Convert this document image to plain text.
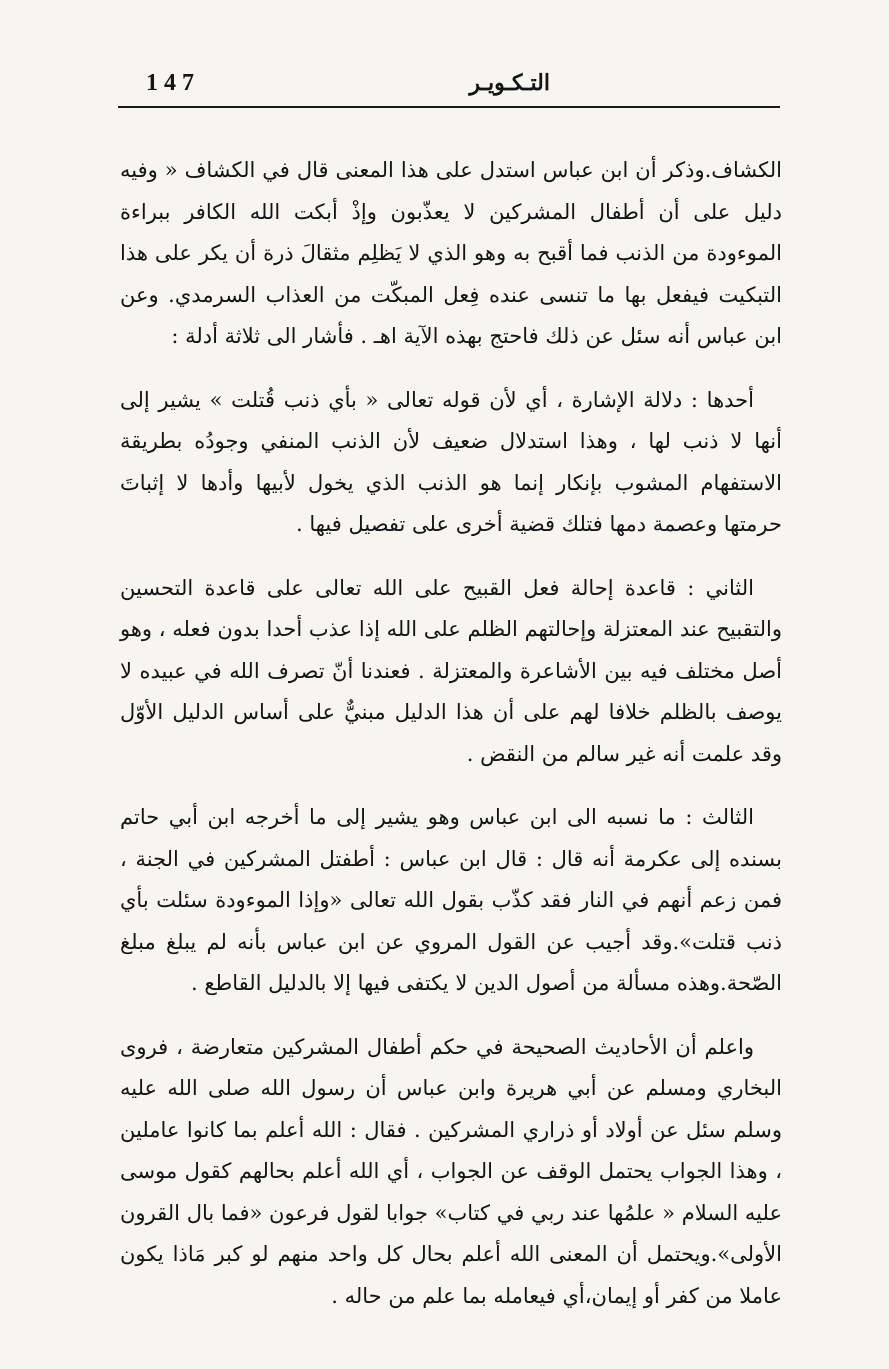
147	التـكـويـر

الكشاف.وذكر أن ابن عباس استدل على هذا المعنى قال في الكشاف « وفيه دليل على أن أطفال المشركين لا يعذّبون وإذْ أبكت الله الكافر ببراءة الموءودة من الذنب فما أقبح به وهو الذي لا يَظلِم مثقالَ ذرة أن يكر على هذا التبكيت فيفعل بها ما تنسى عنده فِعل المبكّت من العذاب السرمدي. وعن ابن عباس أنه سئل عن ذلك فاحتج بهذه الآية اهـ . فأشار الى ثلاثة أدلة :

أحدها : دلالة الإشارة ، أي لأن قوله تعالى « بأي ذنب قُتلت » يشير إلى أنها لا ذنب لها ، وهذا استدلال ضعيف لأن الذنب المنفي وجودُه بطريقة الاستفهام المشوب بإنكار إنما هو الذنب الذي يخول لأبيها وأدها لا إثباتَ حرمتها وعصمة دمها فتلك قضية أخرى على تفصيل فيها .

الثاني : قاعدة إحالة فعل القبيح على الله تعالى على قاعدة التحسين والتقبيح عند المعتزلة وإحالتهم الظلم على الله إذا عذب أحدا بدون فعله ، وهو أصل مختلف فيه بين الأشاعرة والمعتزلة . فعندنا أنّ تصرف الله في عبيده لا يوصف بالظلم خلافا لهم على أن هذا الدليل مبنيٌّ على أساس الدليل الأوّل وقد علمت أنه غير سالم من النقض .

الثالث : ما نسبه الى ابن عباس وهو يشير إلى ما أخرجه ابن أبي حاتم بسنده إلى عكرمة أنه قال : قال ابن عباس : أطفتل المشركين في الجنة ، فمن زعم أنهم في النار فقد كذّب بقول الله تعالى «وإذا الموءودة سئلت بأي ذنب قتلت».وقد أجيب عن القول المروي عن ابن عباس بأنه لم يبلغ مبلغ الصّحة.وهذه مسألة من أصول الدين لا يكتفى فيها إلا بالدليل القاطع .

واعلم أن الأحاديث الصحيحة في حكم أطفال المشركين متعارضة ، فروى البخاري ومسلم عن أبي هريرة وابن عباس أن رسول الله صلى الله عليه وسلم سئل عن أولاد أو ذراري المشركين . فقال : الله أعلم بما كانوا عاملين ، وهذا الجواب يحتمل الوقف عن الجواب ، أي الله أعلم بحالهم كقول موسى عليه السلام « علمُها عند ربي في كتاب» جوابا لقول فرعون «فما بال القرون الأولى».ويحتمل أن المعنى الله أعلم بحال كل واحد منهم لو كبر مَاذا يكون عاملا من كفر أو إيمان،أي فيعامله بما علم من حاله .
